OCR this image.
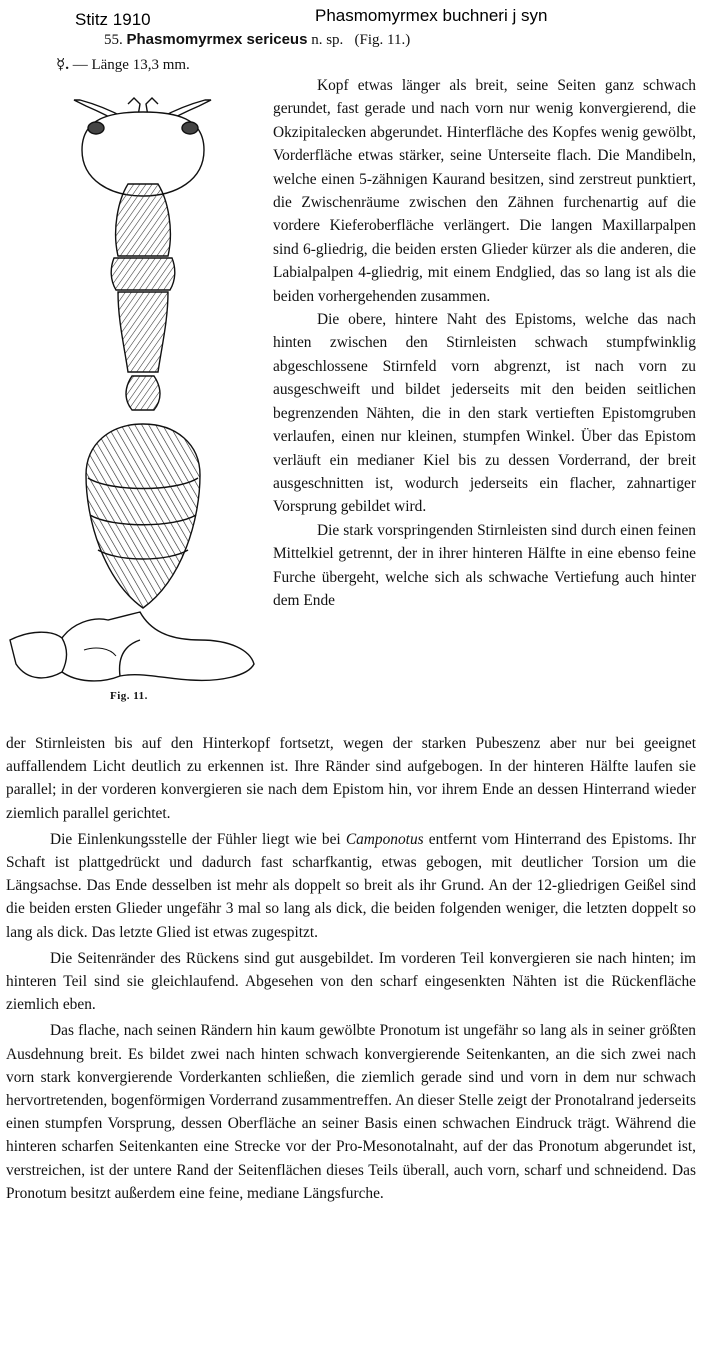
Stitz 1910	Phasmomyrmex buchneri j syn
55. Phasmomyrmex sericeus n. sp. (Fig. 11.)
☿. — Länge 13,3 mm.
Fig. 11.

Kopf etwas länger als breit, seine Seiten ganz schwach gerundet, fast gerade und nach vorn nur wenig konvergierend, die Okzipitalecken abgerundet. Hinterfläche des Kopfes wenig gewölbt, Vorderfläche etwas stärker, seine Unterseite flach. Die Mandibeln, welche einen 5-zähnigen Kaurand besitzen, sind zerstreut punktiert, die Zwischenräume zwischen den Zähnen furchenartig auf die vordere Kieferoberfläche verlängert. Die langen Maxillarpalpen sind 6-gliedrig, die beiden ersten Glieder kürzer als die anderen, die Labialpalpen 4-gliedrig, mit einem Endglied, das so lang ist als die beiden vorhergehenden zusammen.

Die obere, hintere Naht des Epistoms, welche das nach hinten zwischen den Stirnleisten schwach stumpfwinklig abgeschlossene Stirnfeld vorn abgrenzt, ist nach vorn zu ausgeschweift und bildet jederseits mit den beiden seitlichen begrenzenden Nähten, die in den stark vertieften Epistomgruben verlaufen, einen nur kleinen, stumpfen Winkel. Über das Epistom verläuft ein medianer Kiel bis zu dessen Vorderrand, der breit ausgeschnitten ist, wodurch jederseits ein flacher, zahnartiger Vorsprung gebildet wird.

Die stark vorspringenden Stirnleisten sind durch einen feinen Mittelkiel getrennt, der in ihrer hinteren Hälfte in eine ebenso feine Furche übergeht, welche sich als schwache Vertiefung auch hinter dem Ende

der Stirnleisten bis auf den Hinterkopf fortsetzt, wegen der starken Pubeszenz aber nur bei geeignet auffallendem Licht deutlich zu erkennen ist. Ihre Ränder sind aufgebogen. In der hinteren Hälfte laufen sie parallel; in der vorderen konvergieren sie nach dem Epistom hin, vor ihrem Ende an dessen Hinterrand wieder ziemlich parallel gerichtet.

Die Einlenkungsstelle der Fühler liegt wie bei Camponotus entfernt vom Hinterrand des Epistoms. Ihr Schaft ist plattgedrückt und dadurch fast scharfkantig, etwas gebogen, mit deutlicher Torsion um die Längsachse. Das Ende desselben ist mehr als doppelt so breit als ihr Grund. An der 12-gliedrigen Geißel sind die beiden ersten Glieder ungefähr 3 mal so lang als dick, die beiden folgenden weniger, die letzten doppelt so lang als dick. Das letzte Glied ist etwas zugespitzt.

Die Seitenränder des Rückens sind gut ausgebildet. Im vorderen Teil konvergieren sie nach hinten; im hinteren Teil sind sie gleichlaufend. Abgesehen von den scharf eingesenkten Nähten ist die Rückenfläche ziemlich eben.

Das flache, nach seinen Rändern hin kaum gewölbte Pronotum ist ungefähr so lang als in seiner größten Ausdehnung breit. Es bildet zwei nach hinten schwach konvergierende Seitenkanten, an die sich zwei nach vorn stark konvergierende Vorderkanten schließen, die ziemlich gerade sind und vorn in dem nur schwach hervortretenden, bogenförmigen Vorderrand zusammentreffen. An dieser Stelle zeigt der Pronotalrand jederseits einen stumpfen Vorsprung, dessen Oberfläche an seiner Basis einen schwachen Eindruck trägt. Während die hinteren scharfen Seitenkanten eine Strecke vor der Pro-Mesonotalnaht, auf der das Pronotum abgerundet ist, verstreichen, ist der untere Rand der Seitenflächen dieses Teils überall, auch vorn, scharf und schneidend. Das Pronotum besitzt außerdem eine feine, mediane Längsfurche.
